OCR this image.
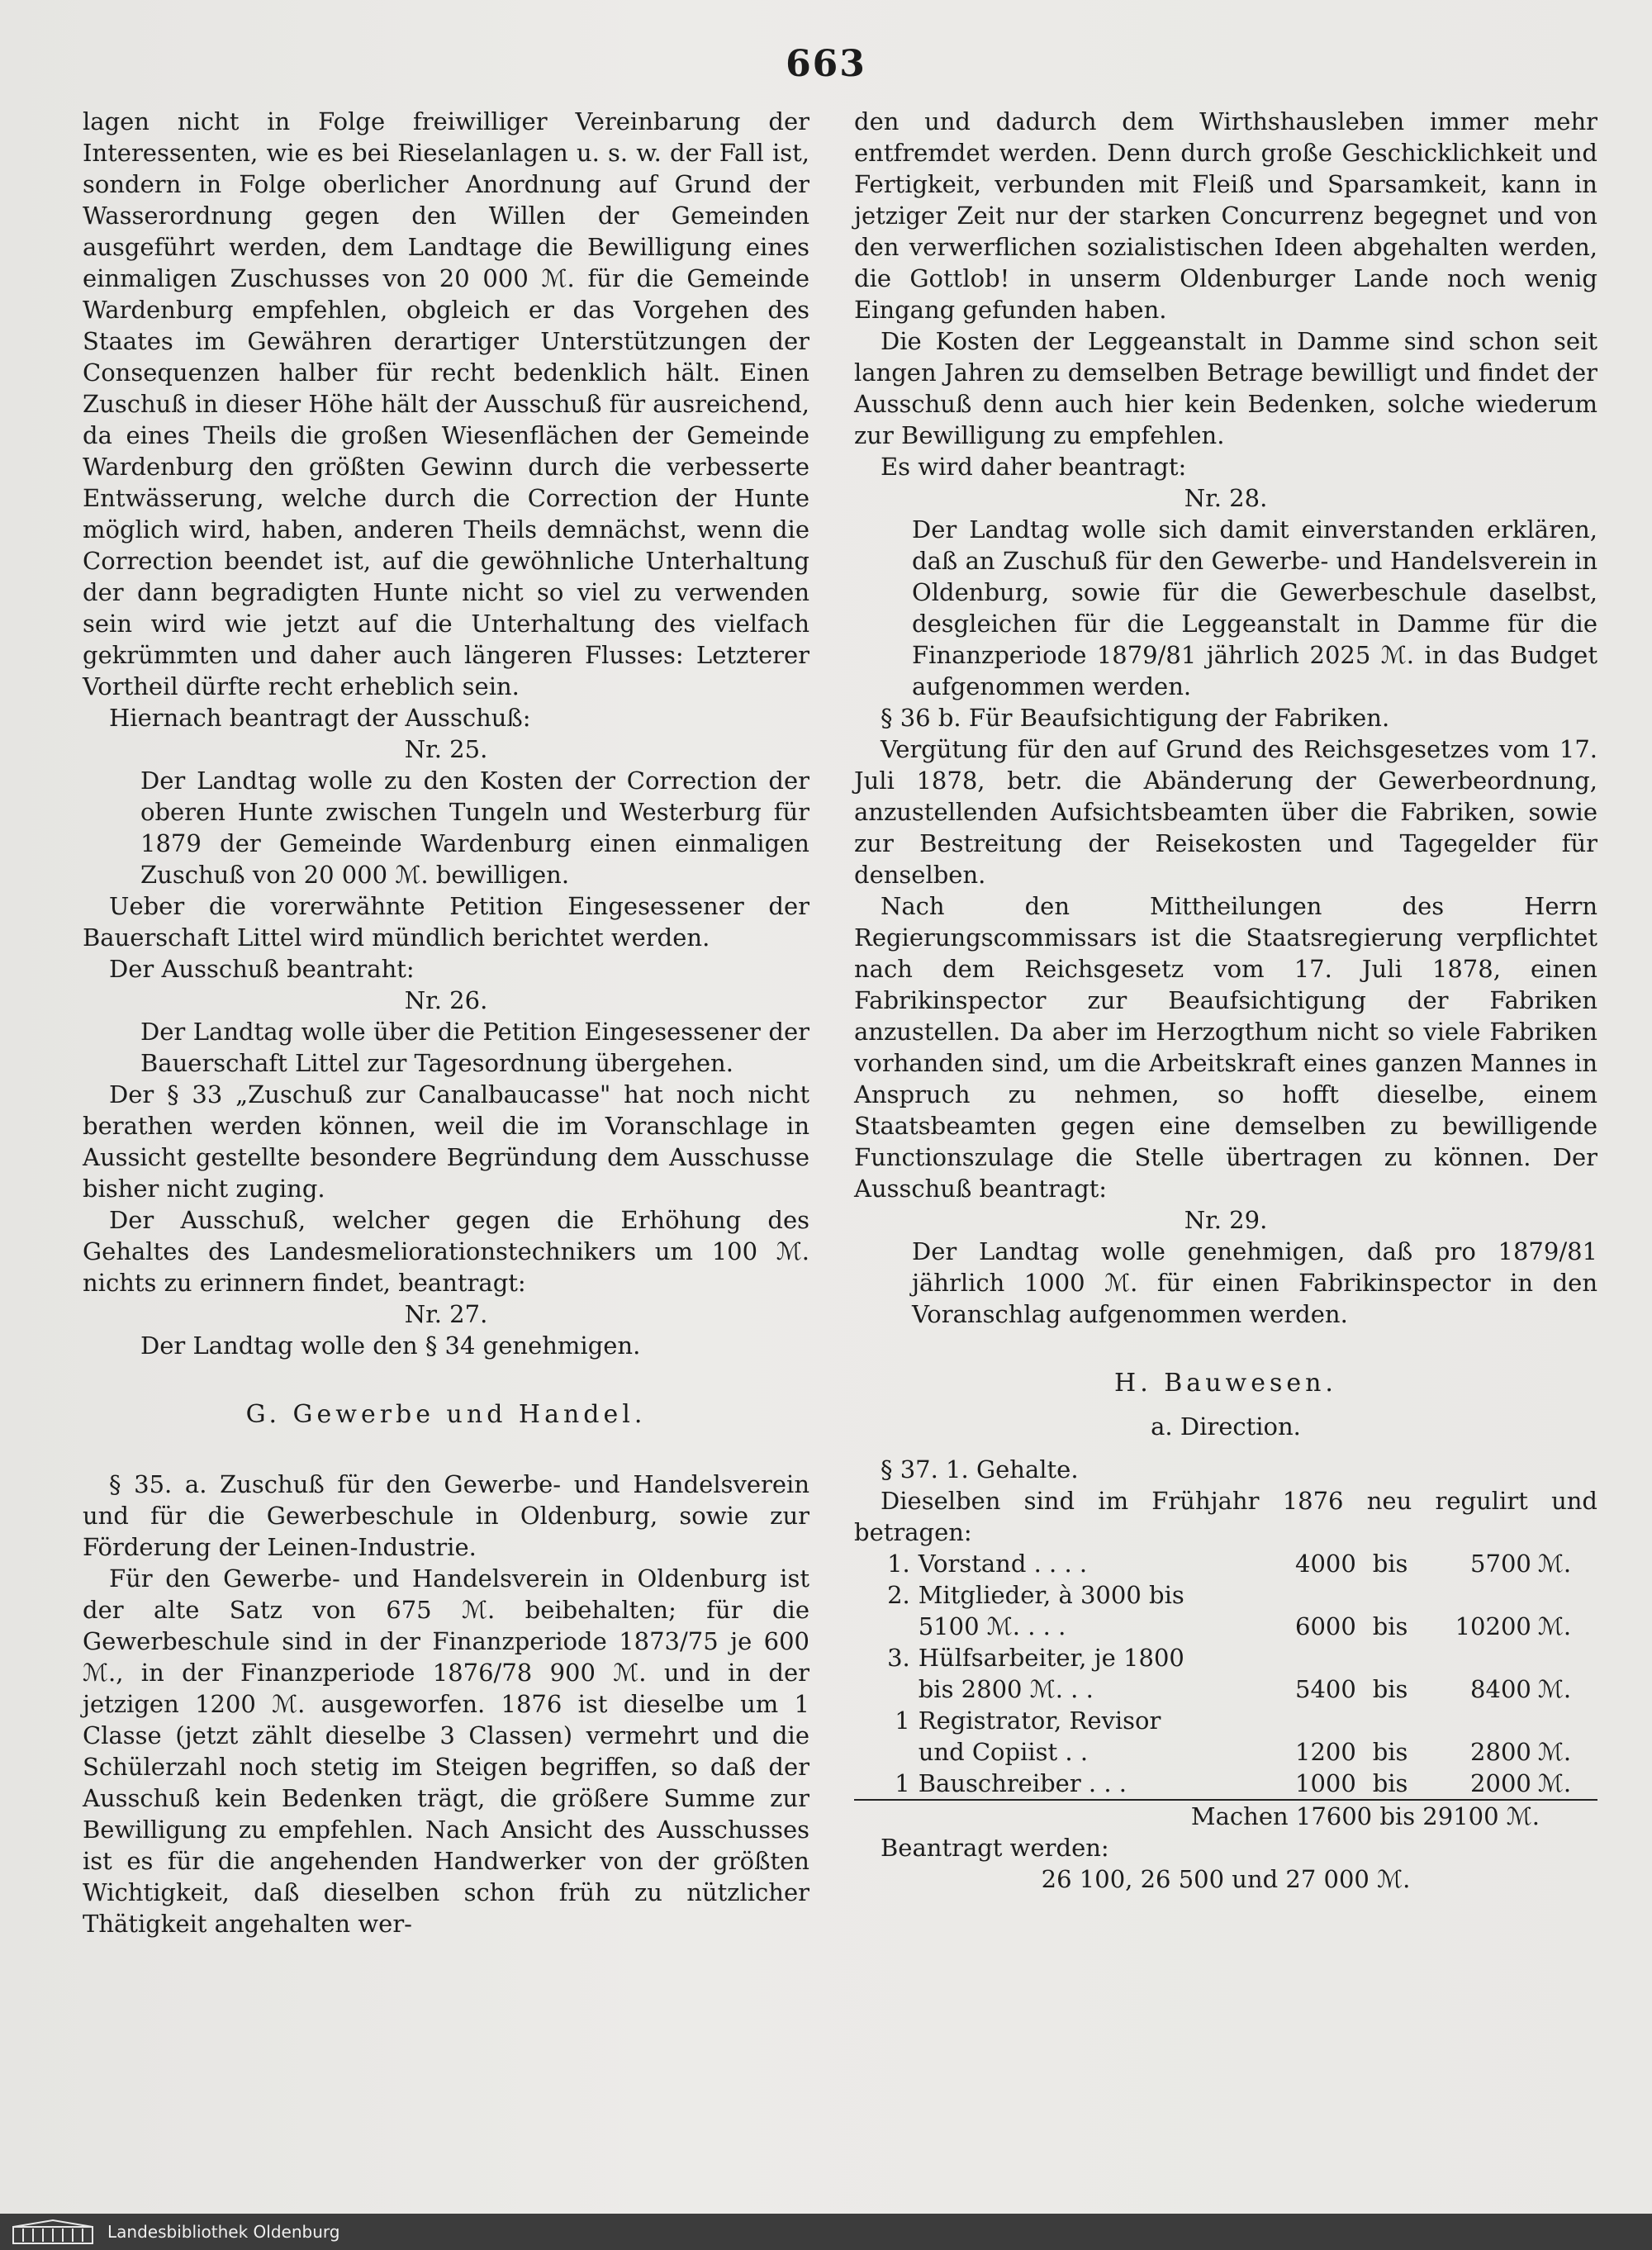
663

lagen nicht in Folge freiwilliger Vereinbarung der Interessenten, wie es bei Rieselanlagen u. s. w. der Fall ist, sondern in Folge oberlicher Anordnung auf Grund der Wasserordnung gegen den Willen der Gemeinden ausgeführt werden, dem Landtage die Bewilligung eines einmaligen Zuschusses von 20 000 ℳ. für die Gemeinde Wardenburg empfehlen, obgleich er das Vorgehen des Staates im Gewähren derartiger Unterstützungen der Consequenzen halber für recht bedenklich hält. Einen Zuschuß in dieser Höhe hält der Ausschuß für ausreichend, da eines Theils die großen Wiesenflächen der Gemeinde Wardenburg den größten Gewinn durch die verbesserte Entwässerung, welche durch die Correction der Hunte möglich wird, haben, anderen Theils demnächst, wenn die Correction beendet ist, auf die gewöhnliche Unterhaltung der dann begradigten Hunte nicht so viel zu verwenden sein wird wie jetzt auf die Unterhaltung des vielfach gekrümmten und daher auch längeren Flusses: Letzterer Vortheil dürfte recht erheblich sein.

Hiernach beantragt der Ausschuß:

Nr. 25.

Der Landtag wolle zu den Kosten der Correction der oberen Hunte zwischen Tungeln und Westerburg für 1879 der Gemeinde Wardenburg einen einmaligen Zuschuß von 20 000 ℳ. bewilligen.

Ueber die vorerwähnte Petition Eingesessener der Bauerschaft Littel wird mündlich berichtet werden.

Der Ausschuß beantraht:

Nr. 26.

Der Landtag wolle über die Petition Eingesessener der Bauerschaft Littel zur Tagesordnung übergehen.

Der § 33 „Zuschuß zur Canalbaucasse" hat noch nicht berathen werden können, weil die im Voranschlage in Aussicht gestellte besondere Begründung dem Ausschusse bisher nicht zuging.

Der Ausschuß, welcher gegen die Erhöhung des Gehaltes des Landesmeliorationstechnikers um 100 ℳ. nichts zu erinnern findet, beantragt:

Nr. 27.

Der Landtag wolle den § 34 genehmigen.

G. Gewerbe und Handel.

§ 35. a. Zuschuß für den Gewerbe- und Handelsverein und für die Gewerbeschule in Oldenburg, sowie zur Förderung der Leinen-Industrie.

Für den Gewerbe- und Handelsverein in Oldenburg ist der alte Satz von 675 ℳ. beibehalten; für die Gewerbeschule sind in der Finanzperiode 1873/75 je 600 ℳ., in der Finanzperiode 1876/78 900 ℳ. und in der jetzigen 1200 ℳ. ausgeworfen. 1876 ist dieselbe um 1 Classe (jetzt zählt dieselbe 3 Classen) vermehrt und die Schülerzahl noch stetig im Steigen begriffen, so daß der Ausschuß kein Bedenken trägt, die größere Summe zur Bewilligung zu empfehlen. Nach Ansicht des Ausschusses ist es für die angehenden Handwerker von der größten Wichtigkeit, daß dieselben schon früh zu nützlicher Thätigkeit angehalten wer-

den und dadurch dem Wirthshausleben immer mehr entfremdet werden. Denn durch große Geschicklichkeit und Fertigkeit, verbunden mit Fleiß und Sparsamkeit, kann in jetziger Zeit nur der starken Concurrenz begegnet und von den verwerflichen sozialistischen Ideen abgehalten werden, die Gottlob! in unserm Oldenburger Lande noch wenig Eingang gefunden haben.

Die Kosten der Leggeanstalt in Damme sind schon seit langen Jahren zu demselben Betrage bewilligt und findet der Ausschuß denn auch hier kein Bedenken, solche wiederum zur Bewilligung zu empfehlen.

Es wird daher beantragt:

Nr. 28.

Der Landtag wolle sich damit einverstanden erklären, daß an Zuschuß für den Gewerbe- und Handelsverein in Oldenburg, sowie für die Gewerbeschule daselbst, desgleichen für die Leggeanstalt in Damme für die Finanzperiode 1879/81 jährlich 2025 ℳ. in das Budget aufgenommen werden.

§ 36 b. Für Beaufsichtigung der Fabriken.

Vergütung für den auf Grund des Reichsgesetzes vom 17. Juli 1878, betr. die Abänderung der Gewerbeordnung, anzustellenden Aufsichtsbeamten über die Fabriken, sowie zur Bestreitung der Reisekosten und Tagegelder für denselben.

Nach den Mittheilungen des Herrn Regierungscommissars ist die Staatsregierung verpflichtet nach dem Reichsgesetz vom 17. Juli 1878, einen Fabrikinspector zur Beaufsichtigung der Fabriken anzustellen. Da aber im Herzogthum nicht so viele Fabriken vorhanden sind, um die Arbeitskraft eines ganzen Mannes in Anspruch zu nehmen, so hofft dieselbe, einem Staatsbeamten gegen eine demselben zu bewilligende Functionszulage die Stelle übertragen zu können. Der Ausschuß beantragt:

Nr. 29.

Der Landtag wolle genehmigen, daß pro 1879/81 jährlich 1000 ℳ. für einen Fabrikinspector in den Voranschlag aufgenommen werden.

H. Bauwesen.

a. Direction.

§ 37. 1. Gehalte.

Dieselben sind im Frühjahr 1876 neu regulirt und betragen:

1.	Vorstand . . . .	4000	bis	5700	ℳ.
2.	Mitglieder, à 3000 bis				
	5100 ℳ. . . .	6000	bis	10200	ℳ.
3.	Hülfsarbeiter, je 1800				
	bis 2800 ℳ. . .	5400	bis	8400	ℳ.
1	Registrator, Revisor				
	und Copiist . .	1200	bis	2800	ℳ.
1	Bauschreiber . . .	1000	bis	2000	ℳ.

Machen 17600 bis 29100 ℳ.

Beantragt werden:

26 100, 26 500 und 27 000 ℳ.

Landesbibliothek Oldenburg
